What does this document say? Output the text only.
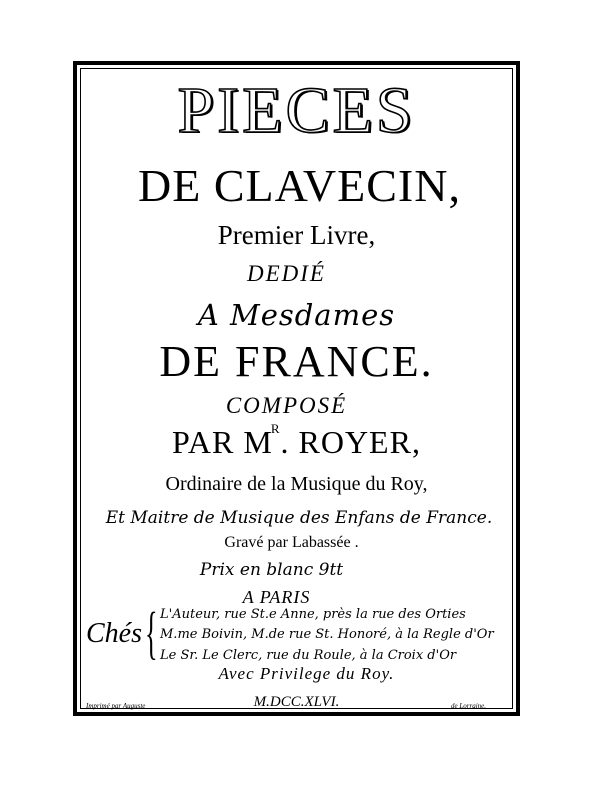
PIECES
DE CLAVECIN,
Premier Livre,
DEDIÉ
A Mesdames
DE FRANCE.
COMPOSÉ
PAR $M^R$. ROYER,
Ordinaire de la Musique du Roy,
Et Maitre de Musique des Enfans de France.
Gravé par Labassée .
Prix en blanc 9tt
A PARIS
Chés { L'Auteur, rue St.e Anne, près la rue des Orties
M.me Boivin, M.de rue St. Honoré, à la Regle d'Or
Le Sr. Le Clerc, rue du Roule, à la Croix d'Or
Avec Privilege du Roy.
M.DCC.XLVI.
Imprimé par Auguste	de Lorraine.
